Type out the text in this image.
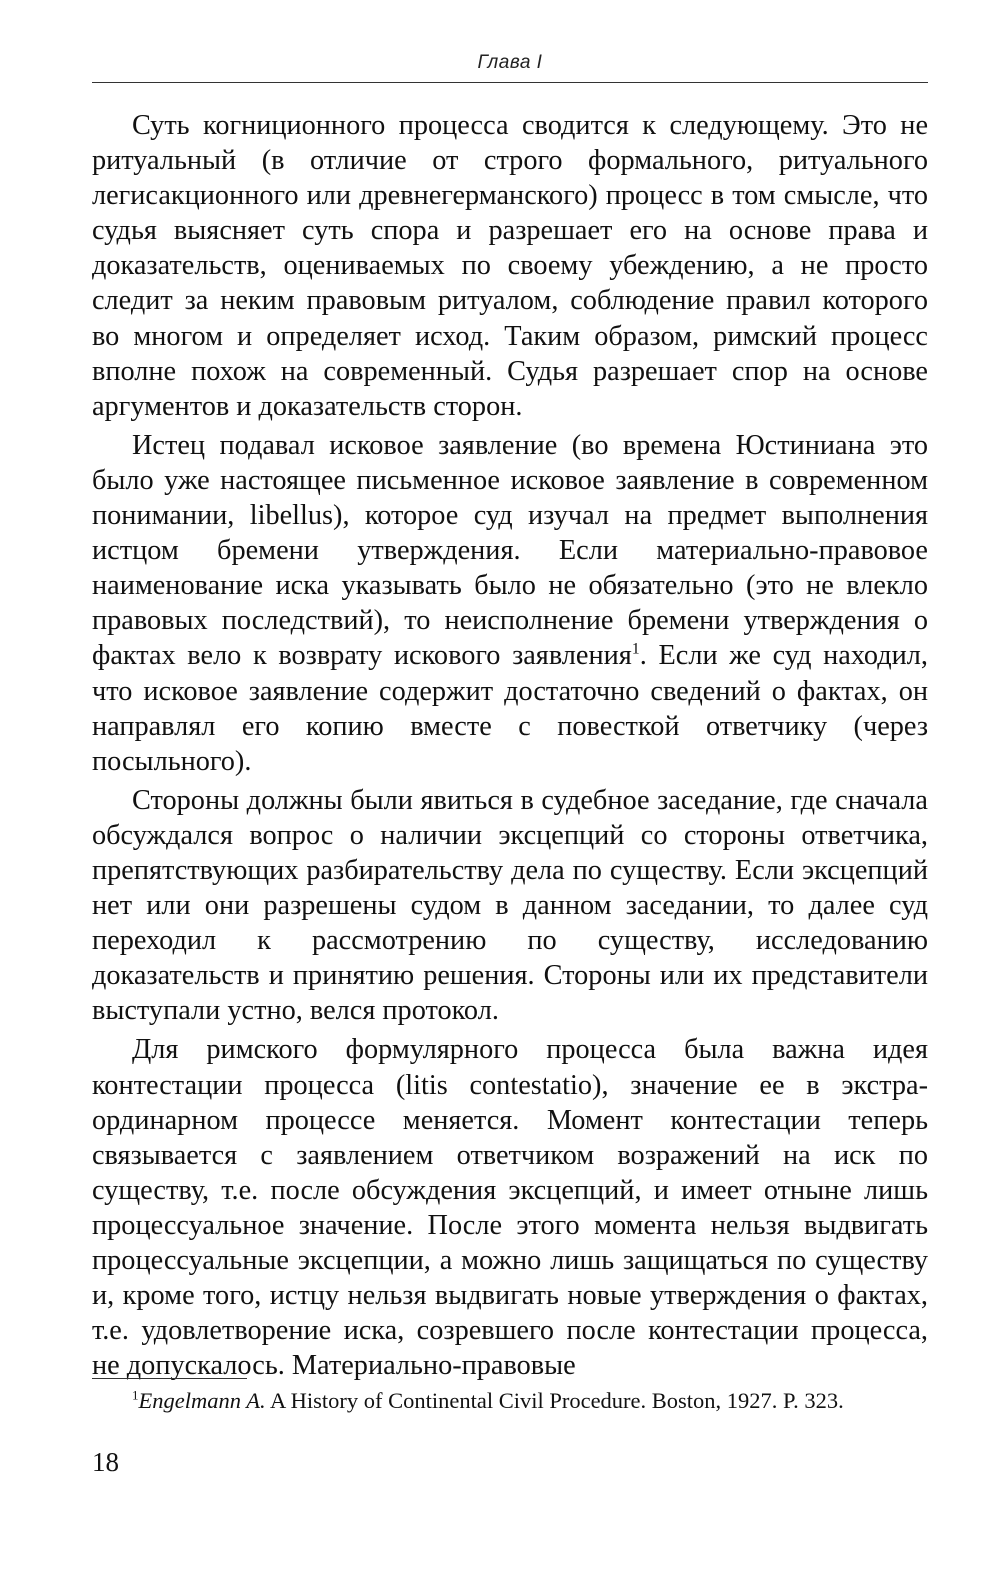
Глава I

Суть когниционного процесса сводится к следующему. Это не ритуальный (в отличие от строго формального, ритуального легисакционного или древнегерманского) процесс в том смысле, что судья выясняет суть спора и разрешает его на основе права и доказательств, оцениваемых по своему убеждению, а не просто следит за неким правовым ритуалом, соблюдение правил которого во многом и определяет исход. Таким образом, римский процесс вполне похож на современный. Судья разрешает спор на основе аргументов и доказательств сторон.

Истец подавал исковое заявление (во времена Юстиниана это было уже настоящее письменное исковое заявление в современном понимании, libellus), которое суд изучал на предмет выполнения истцом бремени утверждения. Если материально-правовое наименование иска указывать было не обязательно (это не влекло правовых последствий), то неисполнение бремени утверждения о фактах вело к возврату искового заявления$^1$. Если же суд находил, что исковое заявление содержит достаточно сведений о фактах, он направлял его копию вместе с повесткой ответчику (через посыльного).

Стороны должны были явиться в судебное заседание, где сначала обсуждался вопрос о наличии эксцепций со стороны ответчика, препятствующих разбирательству дела по существу. Если эксцепций нет или они разрешены судом в данном заседании, то далее суд переходил к рассмотрению по существу, исследованию доказательств и принятию решения. Стороны или их представители выступали устно, велся протокол.

Для римского формулярного процесса была важна идея контестации процесса (litis contestatio), значение ее в экстраординарном процессе меняется. Момент контестации теперь связывается с заявлением ответчиком возражений на иск по существу, т.е. после обсуждения эксцепций, и имеет отныне лишь процессуальное значение. После этого момента нельзя выдвигать процессуальные эксцепции, а можно лишь защищаться по существу и, кроме того, истцу нельзя выдвигать новые утверждения о фактах, т.е. удовлетворение иска, созревшего после контестации процесса, не допускалось. Материально-правовые

$^1$Engelmann A. A History of Continental Civil Procedure. Boston, 1927. P. 323.
18
